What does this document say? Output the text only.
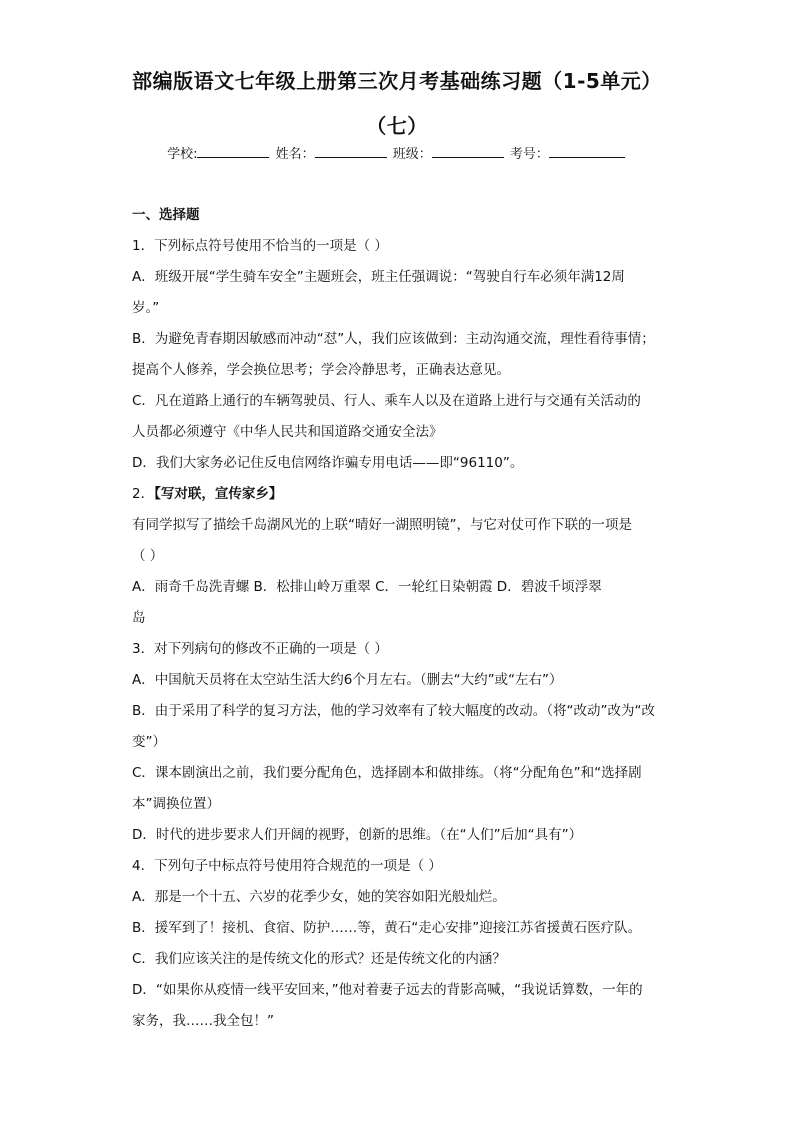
部编版语文七年级上册第三次月考基础练习题（1-5单元）
（七）
学校:	姓名：	班级：	考号：
一、选择题
1．下列标点符号使用不恰当的一项是（ ）
A．班级开展“学生骑车安全”主题班会，班主任强调说：“驾驶自行车必须年满12周
岁。”
B．为避免青春期因敏感而冲动“怼”人，我们应该做到：主动沟通交流，理性看待事情；
提高个人修养，学会换位思考；学会冷静思考，正确表达意见。
C．凡在道路上通行的车辆驾驶员、行人、乘车人以及在道路上进行与交通有关活动的
人员都必须遵守《中华人民共和国道路交通安全法》
D．我们大家务必记住反电信网络诈骗专用电话——即“96110”。
2．【写对联，宣传家乡】
有同学拟写了描绘千岛湖风光的上联“晴好一湖照明镜”，与它对仗可作下联的一项是
（ ）
A．雨奇千岛洗青螺 B．松排山岭万重翠 C．一轮红日染朝霞 D．碧波千顷浮翠
岛
3．对下列病句的修改不正确的一项是（ ）
A．中国航天员将在太空站生活大约6个月左右。（删去“大约”或“左右”）
B．由于采用了科学的复习方法，他的学习效率有了较大幅度的改动。（将“改动”改为“改
变”）
C．课本剧演出之前，我们要分配角色，选择剧本和做排练。（将“分配角色”和“选择剧
本”调换位置）
D．时代的进步要求人们开阔的视野，创新的思维。（在“人们”后加“具有”）
4．下列句子中标点符号使用符合规范的一项是（ ）
A．那是一个十五、六岁的花季少女，她的笑容如阳光般灿烂。
B．援军到了！接机、食宿、防护……等，黄石“走心安排”迎接江苏省援黄石医疗队。
C．我们应该关注的是传统文化的形式？还是传统文化的内涵？
D．“如果你从疫情一线平安回来，”他对着妻子远去的背影高喊，“我说话算数，一年的
家务，我……我全包！”
